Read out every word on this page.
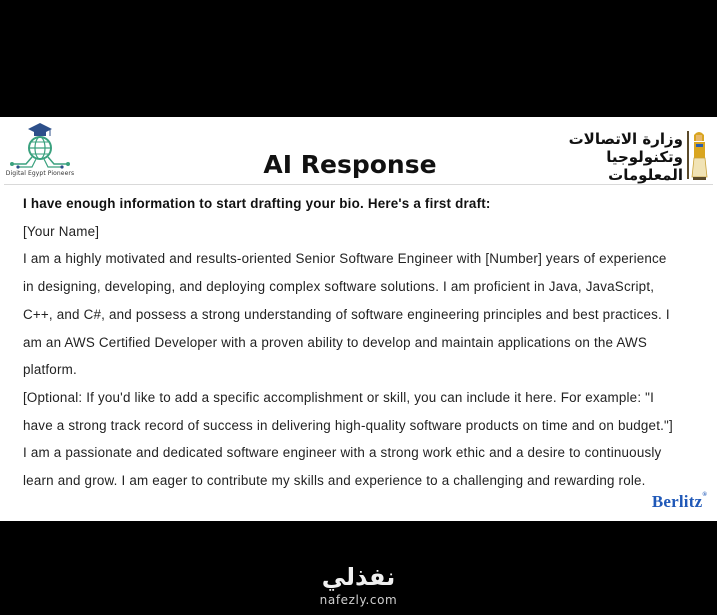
Digital Egypt Pioneers	AI Response
وزارة الاتصالات
وتكنولوجيا المعلومات
I have enough information to start drafting your bio. Here's a first draft:
[Your Name]
I am a highly motivated and results-oriented Senior Software Engineer with [Number] years of experience
in designing, developing, and deploying complex software solutions. I am proficient in Java, JavaScript,
C++, and C#, and possess a strong understanding of software engineering principles and best practices. I
am an AWS Certified Developer with a proven ability to develop and maintain applications on the AWS
platform.
[Optional: If you'd like to add a specific accomplishment or skill, you can include it here. For example: "I
have a strong track record of success in delivering high-quality software products on time and on budget."]
I am a passionate and dedicated software engineer with a strong work ethic and a desire to continuously
learn and grow. I am eager to contribute my skills and experience to a challenging and rewarding role.
Berlitz®
نفذلي
nafezly.com
